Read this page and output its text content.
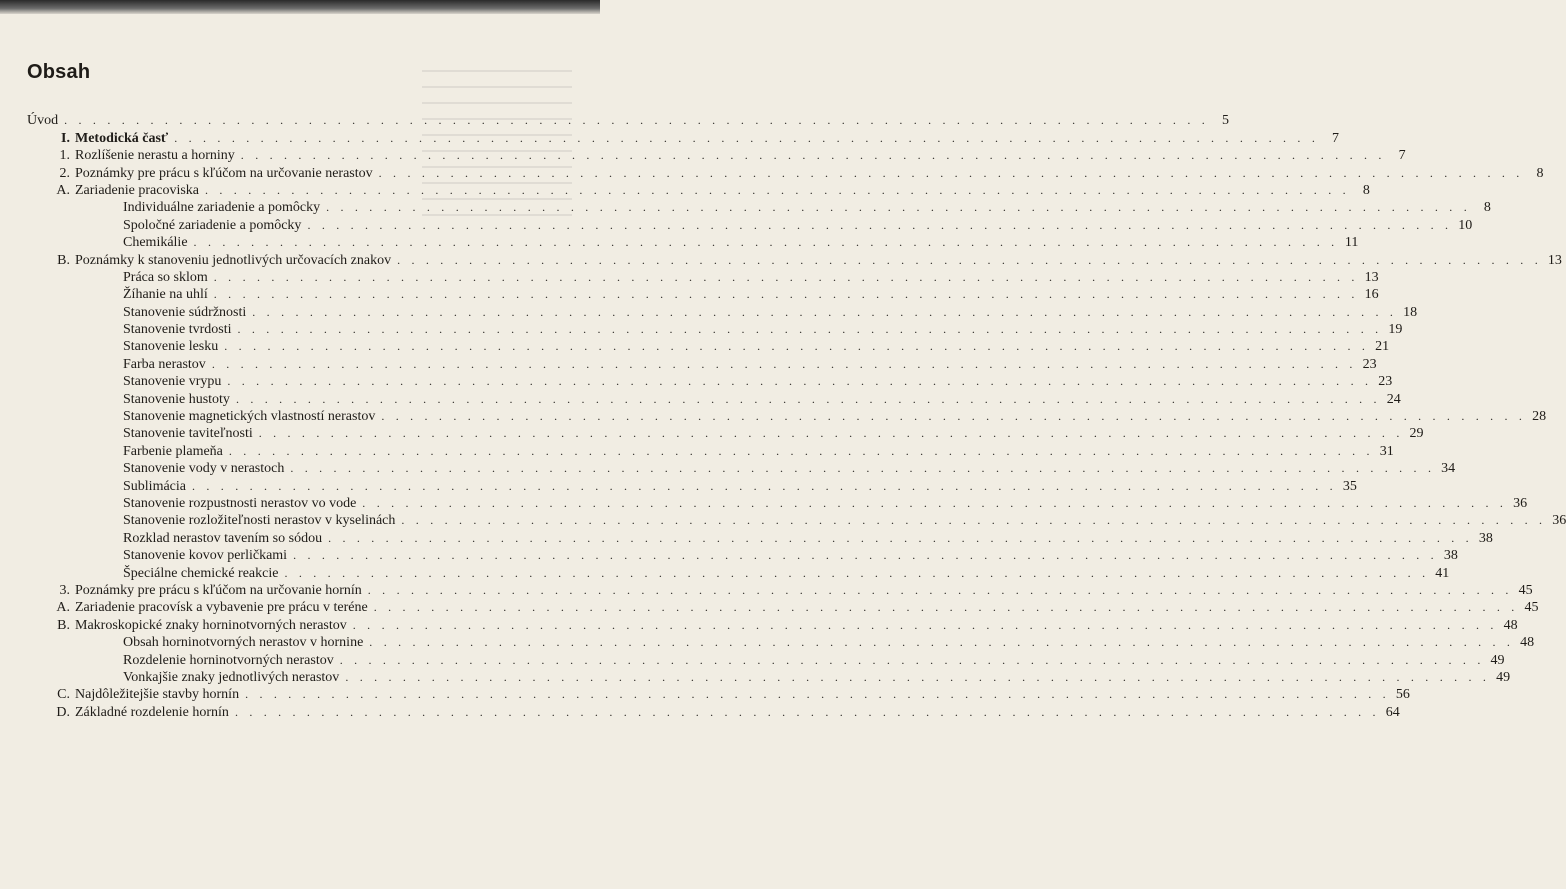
Obsah
Úvod . . . . . . . . . . . . . . . . . . . . . . . . . . . . . . . . . . . . . . . . . . . . . . . . . . . . . . . . . . . . . . . . . . . . . . . . . . . . . . . . 5
I. Metodická časť . . . . . . . . . . . . . . . . . . . . . . . . . . . . . . . . . . . . . . . . . . . . . . . . . . . . . . . . . . . . . . . . . . . . . . . . . . . . . . . . 7
1. Rozlíšenie nerastu a horniny . . . . . . . . . . . . . . . . . . . . . . . . . . . . . . . . . . . . . . . . . . . . . . . . . . . . . . . . . . . . . . . . . . . . . . . . . . . . . . . . 7
2. Poznámky pre prácu s kľúčom na určovanie nerastov . . . . . . . . . . . . . . . . . . . . . . . . . . . . . . . . . . . . . . . . . . . . . . . . . . . . . . . . . . . . . . . . . . . . . . . . . . . . . . . . 8
A. Zariadenie pracoviska . . . . . . . . . . . . . . . . . . . . . . . . . . . . . . . . . . . . . . . . . . . . . . . . . . . . . . . . . . . . . . . . . . . . . . . . . . . . . . . . 8
Individuálne zariadenie a pomôcky . . . . . . . . . . . . . . . . . . . . . . . . . . . . . . . . . . . . . . . . . . . . . . . . . . . . . . . . . . . . . . . . . . . . . . . . . . . . . . . . 8
Spoločné zariadenie a pomôcky . . . . . . . . . . . . . . . . . . . . . . . . . . . . . . . . . . . . . . . . . . . . . . . . . . . . . . . . . . . . . . . . . . . . . . . . . . . . . . . . 10
Chemikálie . . . . . . . . . . . . . . . . . . . . . . . . . . . . . . . . . . . . . . . . . . . . . . . . . . . . . . . . . . . . . . . . . . . . . . . . . . . . . . . . 11
B. Poznámky k stanoveniu jednotlivých určovacích znakov . . . . . . . . . . . . . . . . . . . . . . . . . . . . . . . . . . . . . . . . . . . . . . . . . . . . . . . . . . . . . . . . . . . . . . . . . . . . . . . . 13
Práca so sklom . . . . . . . . . . . . . . . . . . . . . . . . . . . . . . . . . . . . . . . . . . . . . . . . . . . . . . . . . . . . . . . . . . . . . . . . . . . . . . . . 13
Žíhanie na uhlí . . . . . . . . . . . . . . . . . . . . . . . . . . . . . . . . . . . . . . . . . . . . . . . . . . . . . . . . . . . . . . . . . . . . . . . . . . . . . . . . 16
Stanovenie súdržnosti . . . . . . . . . . . . . . . . . . . . . . . . . . . . . . . . . . . . . . . . . . . . . . . . . . . . . . . . . . . . . . . . . . . . . . . . . . . . . . . . 18
Stanovenie tvrdosti . . . . . . . . . . . . . . . . . . . . . . . . . . . . . . . . . . . . . . . . . . . . . . . . . . . . . . . . . . . . . . . . . . . . . . . . . . . . . . . . 19
Stanovenie lesku . . . . . . . . . . . . . . . . . . . . . . . . . . . . . . . . . . . . . . . . . . . . . . . . . . . . . . . . . . . . . . . . . . . . . . . . . . . . . . . . 21
Farba nerastov . . . . . . . . . . . . . . . . . . . . . . . . . . . . . . . . . . . . . . . . . . . . . . . . . . . . . . . . . . . . . . . . . . . . . . . . . . . . . . . . 23
Stanovenie vrypu . . . . . . . . . . . . . . . . . . . . . . . . . . . . . . . . . . . . . . . . . . . . . . . . . . . . . . . . . . . . . . . . . . . . . . . . . . . . . . . . 23
Stanovenie hustoty . . . . . . . . . . . . . . . . . . . . . . . . . . . . . . . . . . . . . . . . . . . . . . . . . . . . . . . . . . . . . . . . . . . . . . . . . . . . . . . . 24
Stanovenie magnetických vlastností nerastov . . . . . . . . . . . . . . . . . . . . . . . . . . . . . . . . . . . . . . . . . . . . . . . . . . . . . . . . . . . . . . . . . . . . . . . . . . . . . . . . 28
Stanovenie taviteľnosti . . . . . . . . . . . . . . . . . . . . . . . . . . . . . . . . . . . . . . . . . . . . . . . . . . . . . . . . . . . . . . . . . . . . . . . . . . . . . . . . 29
Farbenie plameňa . . . . . . . . . . . . . . . . . . . . . . . . . . . . . . . . . . . . . . . . . . . . . . . . . . . . . . . . . . . . . . . . . . . . . . . . . . . . . . . . 31
Stanovenie vody v nerastoch . . . . . . . . . . . . . . . . . . . . . . . . . . . . . . . . . . . . . . . . . . . . . . . . . . . . . . . . . . . . . . . . . . . . . . . . . . . . . . . . 34
Sublimácia . . . . . . . . . . . . . . . . . . . . . . . . . . . . . . . . . . . . . . . . . . . . . . . . . . . . . . . . . . . . . . . . . . . . . . . . . . . . . . . . 35
Stanovenie rozpustnosti nerastov vo vode . . . . . . . . . . . . . . . . . . . . . . . . . . . . . . . . . . . . . . . . . . . . . . . . . . . . . . . . . . . . . . . . . . . . . . . . . . . . . . . . 36
Stanovenie rozložiteľnosti nerastov v kyselinách . . . . . . . . . . . . . . . . . . . . . . . . . . . . . . . . . . . . . . . . . . . . . . . . . . . . . . . . . . . . . . . . . . . . . . . . . . . . . . . . 36
Rozklad nerastov tavením so sódou . . . . . . . . . . . . . . . . . . . . . . . . . . . . . . . . . . . . . . . . . . . . . . . . . . . . . . . . . . . . . . . . . . . . . . . . . . . . . . . . 38
Stanovenie kovov perličkami . . . . . . . . . . . . . . . . . . . . . . . . . . . . . . . . . . . . . . . . . . . . . . . . . . . . . . . . . . . . . . . . . . . . . . . . . . . . . . . . 38
Špeciálne chemické reakcie . . . . . . . . . . . . . . . . . . . . . . . . . . . . . . . . . . . . . . . . . . . . . . . . . . . . . . . . . . . . . . . . . . . . . . . . . . . . . . . . 41
3. Poznámky pre prácu s kľúčom na určovanie hornín . . . . . . . . . . . . . . . . . . . . . . . . . . . . . . . . . . . . . . . . . . . . . . . . . . . . . . . . . . . . . . . . . . . . . . . . . . . . . . . . 45
A. Zariadenie pracovísk a vybavenie pre prácu v teréne . . . . . . . . . . . . . . . . . . . . . . . . . . . . . . . . . . . . . . . . . . . . . . . . . . . . . . . . . . . . . . . . . . . . . . . . . . . . . . . . 45
B. Makroskopické znaky horninotvorných nerastov . . . . . . . . . . . . . . . . . . . . . . . . . . . . . . . . . . . . . . . . . . . . . . . . . . . . . . . . . . . . . . . . . . . . . . . . . . . . . . . . 48
Obsah horninotvorných nerastov v hornine . . . . . . . . . . . . . . . . . . . . . . . . . . . . . . . . . . . . . . . . . . . . . . . . . . . . . . . . . . . . . . . . . . . . . . . . . . . . . . . . 48
Rozdelenie horninotvorných nerastov . . . . . . . . . . . . . . . . . . . . . . . . . . . . . . . . . . . . . . . . . . . . . . . . . . . . . . . . . . . . . . . . . . . . . . . . . . . . . . . . 49
Vonkajšie znaky jednotlivých nerastov . . . . . . . . . . . . . . . . . . . . . . . . . . . . . . . . . . . . . . . . . . . . . . . . . . . . . . . . . . . . . . . . . . . . . . . . . . . . . . . . 49
C. Najdôležitejšie stavby hornín . . . . . . . . . . . . . . . . . . . . . . . . . . . . . . . . . . . . . . . . . . . . . . . . . . . . . . . . . . . . . . . . . . . . . . . . . . . . . . . . 56
D. Základné rozdelenie hornín . . . . . . . . . . . . . . . . . . . . . . . . . . . . . . . . . . . . . . . . . . . . . . . . . . . . . . . . . . . . . . . . . . . . . . . . . . . . . . . . 64
